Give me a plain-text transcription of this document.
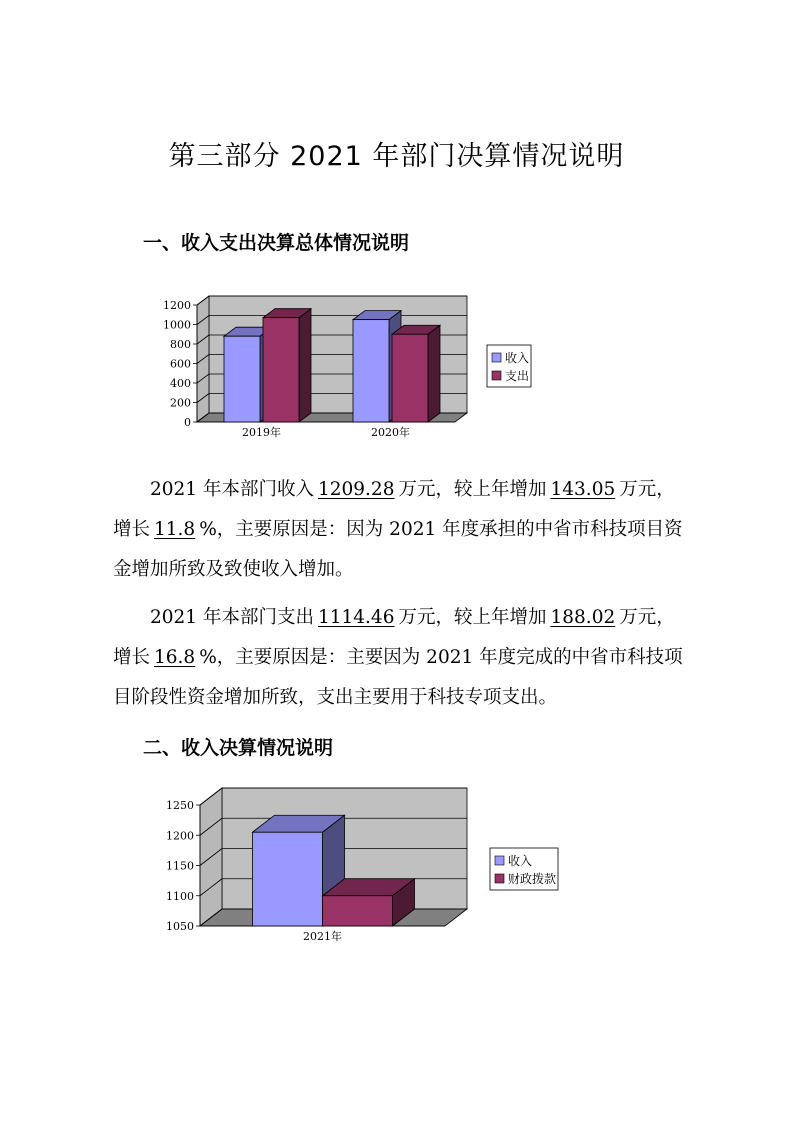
第三部分 2021 年部门决算情况说明
一、收入支出决算总体情况说明
0
200
400
600
800
1000
1200
2019年	2020年
收入
支出

2021 年本部门收入 1209.28 万元，较上年增加 143.05 万元，增长 11.8 %，主要原因是：因为 2021 年度承担的中省市科技项目资金增加所致及致使收入增加。

2021 年本部门支出 1114.46 万元，较上年增加 188.02 万元，增长 16.8 %，主要原因是：主要因为 2021 年度完成的中省市科技项目阶段性资金增加所致，支出主要用于科技专项支出。

二、收入决算情况说明
1050
1100
1150
1200
1250
2021年
收入
财政拨款
